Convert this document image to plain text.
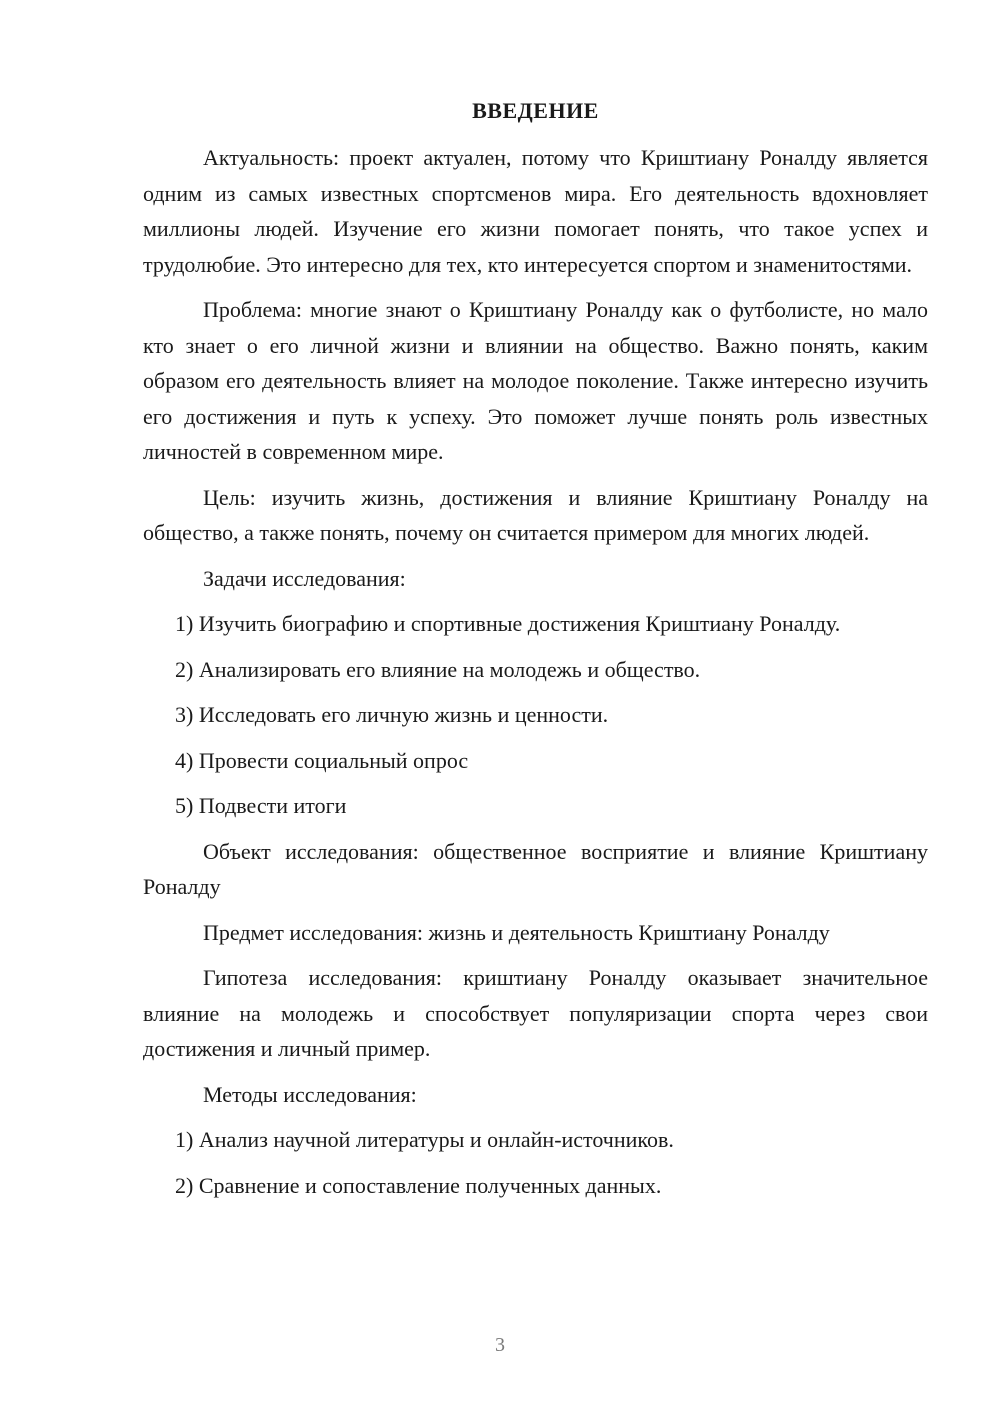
ВВЕДЕНИЕ

Актуальность: проект актуален, потому что Криштиану Роналду является одним из самых известных спортсменов мира. Его деятельность вдохновляет миллионы людей. Изучение его жизни помогает понять, что такое успех и трудолюбие. Это интересно для тех, кто интересуется спортом и знаменитостями.

Проблема: многие знают о Криштиану Роналду как о футболисте, но мало кто знает о его личной жизни и влиянии на общество. Важно понять, каким образом его деятельность влияет на молодое поколение. Также интересно изучить его достижения и путь к успеху. Это поможет лучше понять роль известных личностей в современном мире.

Цель: изучить жизнь, достижения и влияние Криштиану Роналду на общество, а также понять, почему он считается примером для многих людей.

Задачи исследования:

1) Изучить биографию и спортивные достижения Криштиану Роналду.

2) Анализировать его влияние на молодежь и общество.

3) Исследовать его личную жизнь и ценности.

4) Провести социальный опрос

5) Подвести итоги

Объект исследования: общественное восприятие и влияние Криштиану Роналду

Предмет исследования: жизнь и деятельность Криштиану Роналду

Гипотеза исследования: криштиану Роналду оказывает значительное влияние на молодежь и способствует популяризации спорта через свои достижения и личный пример.

Методы исследования:

1) Анализ научной литературы и онлайн-источников.

2) Сравнение и сопоставление полученных данных.

3
